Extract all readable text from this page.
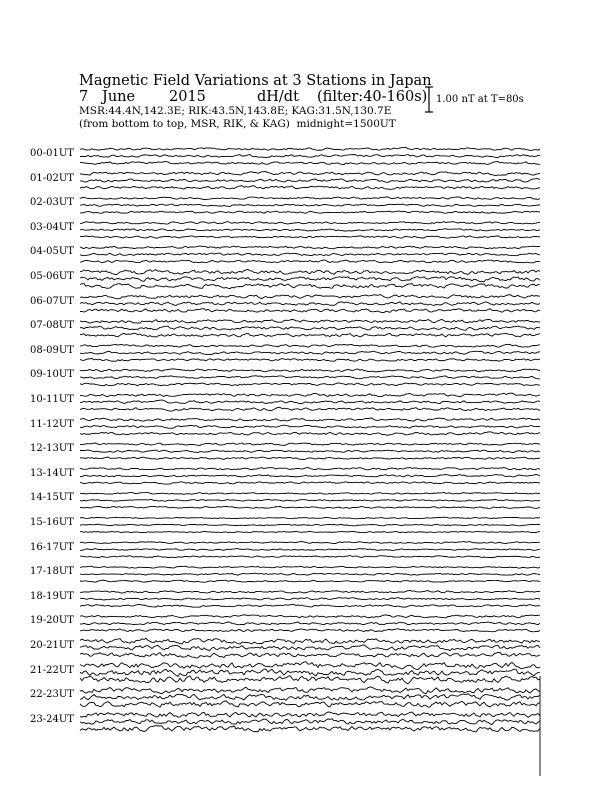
Magnetic Field Variations at 3 Stations in Japan
7 June 2015	dH/dt (filter:40-160s)
MSR:44.4N,142.3E; RIK:43.5N,143.8E; KAG:31.5N,130.7E
(from bottom to top, MSR, RIK, & KAG) midnight=1500UT
1.00 nT at T=80s
00-01UT
01-02UT
02-03UT
03-04UT
04-05UT
05-06UT
06-07UT
07-08UT
08-09UT
09-10UT
10-11UT
11-12UT
12-13UT
13-14UT
14-15UT
15-16UT
16-17UT
17-18UT
18-19UT
19-20UT
20-21UT
21-22UT
22-23UT
23-24UT
